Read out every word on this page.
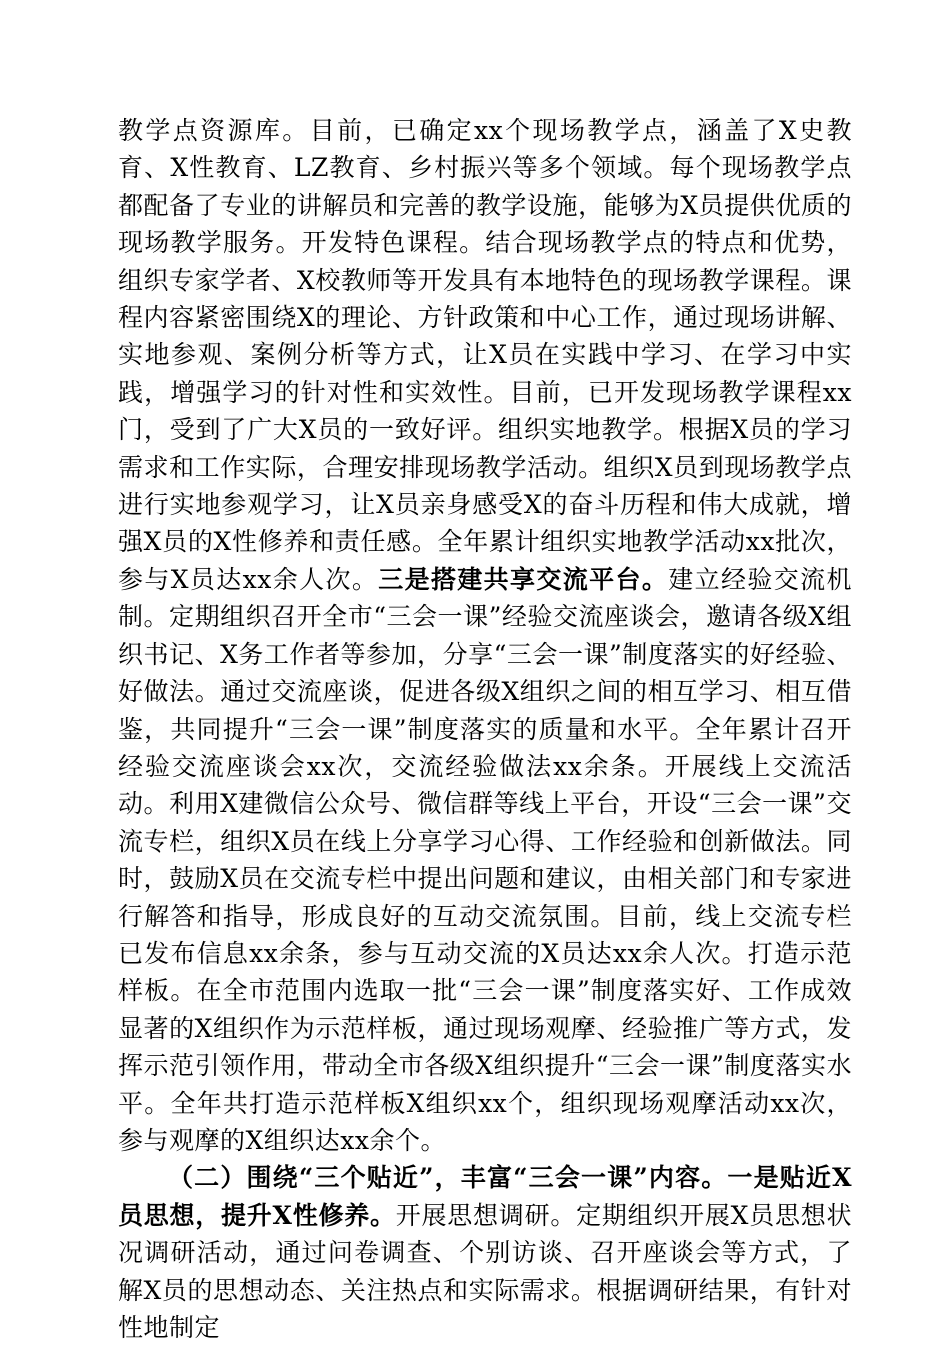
教学点资源库。目前，已确定xx个现场教学点，涵盖了X史教育、X性教育、LZ教育、乡村振兴等多个领域。每个现场教学点都配备了专业的讲解员和完善的教学设施，能够为X员提供优质的现场教学服务。开发特色课程。结合现场教学点的特点和优势，组织专家学者、X校教师等开发具有本地特色的现场教学课程。课程内容紧密围绕X的理论、方针政策和中心工作，通过现场讲解、实地参观、案例分析等方式，让X员在实践中学习、在学习中实践，增强学习的针对性和实效性。目前，已开发现场教学课程xx门，受到了广大X员的一致好评。组织实地教学。根据X员的学习需求和工作实际，合理安排现场教学活动。组织X员到现场教学点进行实地参观学习，让X员亲身感受X的奋斗历程和伟大成就，增强X员的X性修养和责任感。全年累计组织实地教学活动xx批次，参与X员达xx余人次。三是搭建共享交流平台。建立经验交流机制。定期组织召开全市“三会一课”经验交流座谈会，邀请各级X组织书记、X务工作者等参加，分享“三会一课”制度落实的好经验、好做法。通过交流座谈，促进各级X组织之间的相互学习、相互借鉴，共同提升“三会一课”制度落实的质量和水平。全年累计召开经验交流座谈会xx次，交流经验做法xx余条。开展线上交流活动。利用X建微信公众号、微信群等线上平台，开设“三会一课”交流专栏，组织X员在线上分享学习心得、工作经验和创新做法。同时，鼓励X员在交流专栏中提出问题和建议，由相关部门和专家进行解答和指导，形成良好的互动交流氛围。目前，线上交流专栏已发布信息xx余条，参与互动交流的X员达xx余人次。打造示范样板。在全市范围内选取一批“三会一课”制度落实好、工作成效显著的X组织作为示范样板，通过现场观摩、经验推广等方式，发挥示范引领作用，带动全市各级X组织提升“三会一课”制度落实水平。全年共打造示范样板X组织xx个，组织现场观摩活动xx次，参与观摩的X组织达xx余个。

（二）围绕“三个贴近”，丰富“三会一课”内容。一是贴近X员思想，提升X性修养。开展思想调研。定期组织开展X员思想状况调研活动，通过问卷调查、个别访谈、召开座谈会等方式，了解X员的思想动态、关注热点和实际需求。根据调研结果，有针对性地制定
